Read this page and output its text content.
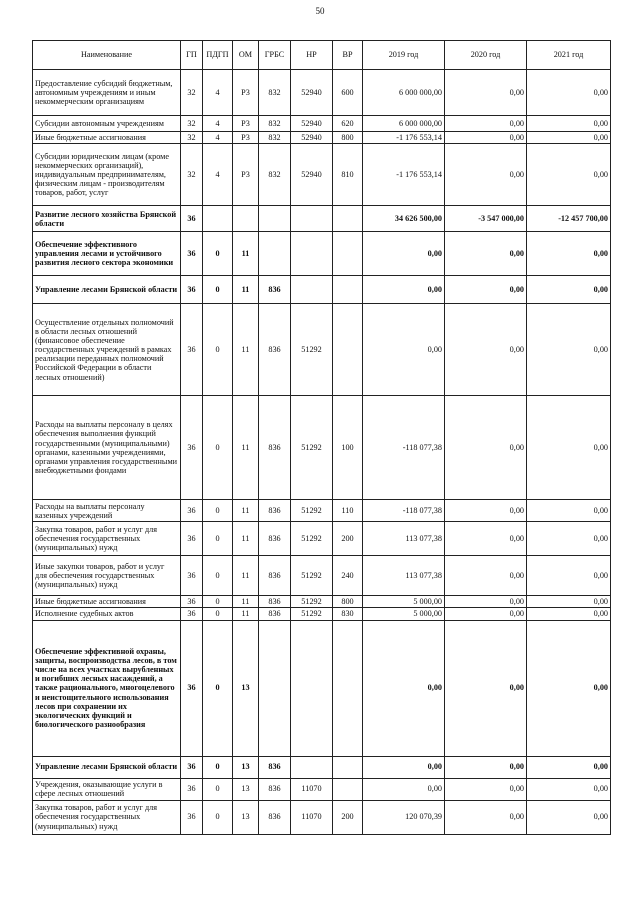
50
Наименование	ГП	ПДГП	ОМ	ГРБС	НР	ВР	2019 год	2020 год	2021 год
Предоставление субсидий бюджетным, автономным учреждениям и иным некоммерческим организациям	32	4	Р3	832	52940	600	6 000 000,00	0,00	0,00
Субсидии автономным учреждениям	32	4	Р3	832	52940	620	6 000 000,00	0,00	0,00
Иные бюджетные ассигнования	32	4	Р3	832	52940	800	-1 176 553,14	0,00	0,00
Субсидии юридическим лицам (кроме некоммерческих организаций), индивидуальным предпринимателям, физическим лицам - производителям товаров, работ, услуг	32	4	Р3	832	52940	810	-1 176 553,14	0,00	0,00
Развитие лесного хозяйства Брянской области	36						34 626 500,00	-3 547 000,00	-12 457 700,00
Обеспечение эффективного управления лесами и устойчивого развития лесного сектора экономики	36	0	11				0,00	0,00	0,00
Управление лесами Брянской области	36	0	11	836			0,00	0,00	0,00
Осуществление отдельных полномочий в области лесных отношений (финансовое обеспечение государственных учреждений в рамках реализации переданных полномочий Российской Федерации в области лесных отношений)	36	0	11	836	51292		0,00	0,00	0,00
Расходы на выплаты персоналу в целях обеспечения выполнения функций государственными (муниципальными) органами, казенными учреждениями, органами управления государственными внебюджетными фондами	36	0	11	836	51292	100	-118 077,38	0,00	0,00
Расходы на выплаты персоналу казенных учреждений	36	0	11	836	51292	110	-118 077,38	0,00	0,00
Закупка товаров, работ и услуг для обеспечения государственных (муниципальных) нужд	36	0	11	836	51292	200	113 077,38	0,00	0,00
Иные закупки товаров, работ и услуг для обеспечения государственных (муниципальных) нужд	36	0	11	836	51292	240	113 077,38	0,00	0,00
Иные бюджетные ассигнования	36	0	11	836	51292	800	5 000,00	0,00	0,00
Исполнение судебных актов	36	0	11	836	51292	830	5 000,00	0,00	0,00
Обеспечение эффективной охраны, защиты, воспроизводства лесов, в том числе на всех участках вырубленных и погибших лесных насаждений, а также рационального, многоцелевого и неистощительного использования лесов при сохранении их экологических функций и биологического разнообразия	36	0	13				0,00	0,00	0,00
Управление лесами Брянской области	36	0	13	836			0,00	0,00	0,00
Учреждения, оказывающие услуги в сфере лесных отношений	36	0	13	836	11070		0,00	0,00	0,00
Закупка товаров, работ и услуг для обеспечения государственных (муниципальных) нужд	36	0	13	836	11070	200	120 070,39	0,00	0,00
